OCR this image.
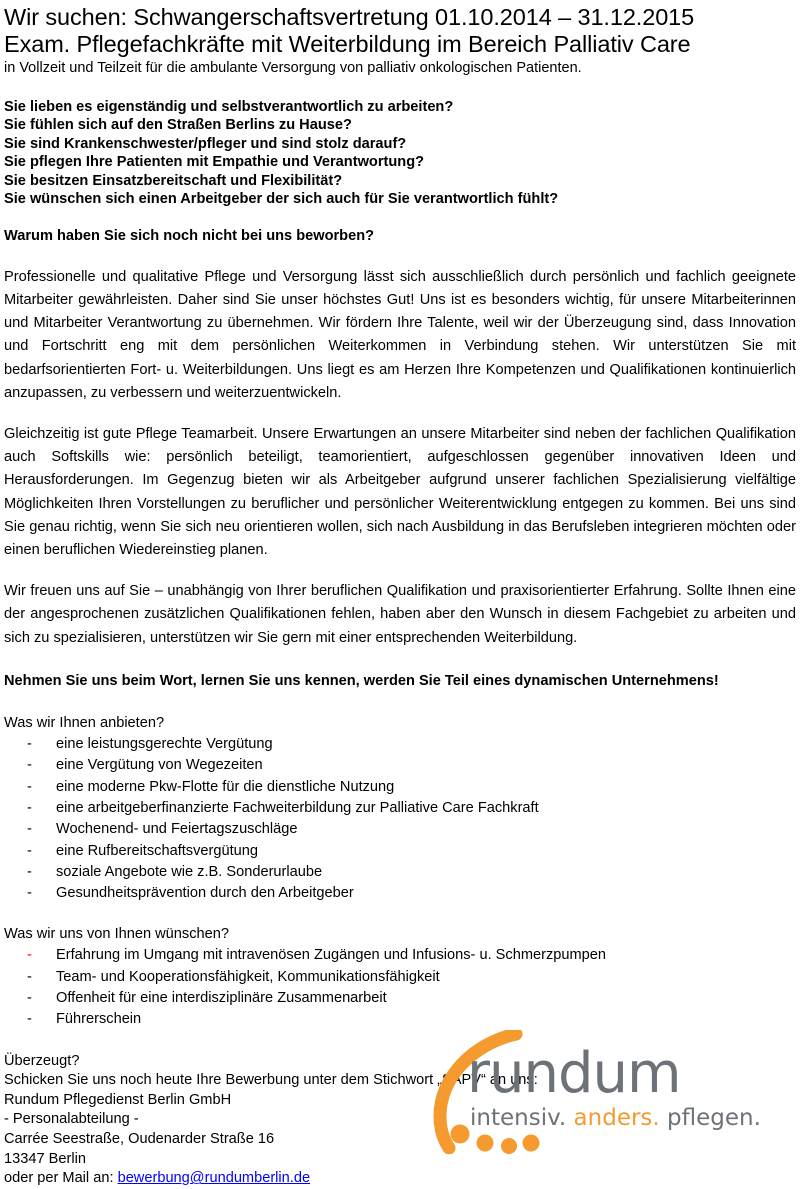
Wir suchen: Schwangerschaftsvertretung 01.10.2014 – 31.12.2015
Exam. Pflegefachkräfte mit Weiterbildung im Bereich Palliativ Care
in Vollzeit und Teilzeit für die ambulante Versorgung von palliativ onkologischen Patienten.
Sie lieben es eigenständig und selbstverantwortlich zu arbeiten?
Sie fühlen sich auf den Straßen Berlins zu Hause?
Sie sind Krankenschwester/pfleger und sind stolz darauf?
Sie pflegen Ihre Patienten mit Empathie und Verantwortung?
Sie besitzen Einsatzbereitschaft und Flexibilität?
Sie wünschen sich einen Arbeitgeber der sich auch für Sie verantwortlich fühlt?
Warum haben Sie sich noch nicht bei uns beworben?
Professionelle und qualitative Pflege und Versorgung lässt sich ausschließlich durch persönlich und fachlich geeignete Mitarbeiter gewährleisten. Daher sind Sie unser höchstes Gut! Uns ist es besonders wichtig, für unsere Mitarbeiterinnen und Mitarbeiter Verantwortung zu übernehmen. Wir fördern Ihre Talente, weil wir der Überzeugung sind, dass Innovation und Fortschritt eng mit dem persönlichen Weiterkommen in Verbindung stehen. Wir unterstützen Sie mit bedarfsorientierten Fort- u. Weiterbildungen. Uns liegt es am Herzen Ihre Kompetenzen und Qualifikationen kontinuierlich anzupassen, zu verbessern und weiterzuentwickeln.
Gleichzeitig ist gute Pflege Teamarbeit. Unsere Erwartungen an unsere Mitarbeiter sind neben der fachlichen Qualifikation auch Softskills wie: persönlich beteiligt, teamorientiert, aufgeschlossen gegenüber innovativen Ideen und Herausforderungen. Im Gegenzug bieten wir als Arbeitgeber aufgrund unserer fachlichen Spezialisierung vielfältige Möglichkeiten Ihren Vorstellungen zu beruflicher und persönlicher Weiterentwicklung entgegen zu kommen. Bei uns sind Sie genau richtig, wenn Sie sich neu orientieren wollen, sich nach Ausbildung in das Berufsleben integrieren möchten oder einen beruflichen Wiedereinstieg planen.
Wir freuen uns auf Sie – unabhängig von Ihrer beruflichen Qualifikation und praxisorientierter Erfahrung. Sollte Ihnen eine der angesprochenen zusätzlichen Qualifikationen fehlen, haben aber den Wunsch in diesem Fachgebiet zu arbeiten und sich zu spezialisieren, unterstützen wir Sie gern mit einer entsprechenden Weiterbildung.
Nehmen Sie uns beim Wort, lernen Sie uns kennen, werden Sie Teil eines dynamischen Unternehmens!
Was wir Ihnen anbieten?
- eine leistungsgerechte Vergütung
- eine Vergütung von Wegezeiten
- eine moderne Pkw-Flotte für die dienstliche Nutzung
- eine arbeitgeberfinanzierte Fachweiterbildung zur Palliative Care Fachkraft
- Wochenend- und Feiertagszuschläge
- eine Rufbereitschaftsvergütung
- soziale Angebote wie z.B. Sonderurlaube
- Gesundheitsprävention durch den Arbeitgeber
Was wir uns von Ihnen wünschen?
- Erfahrung im Umgang mit intravenösen Zugängen und Infusions- u. Schmerzpumpen
- Team- und Kooperationsfähigkeit, Kommunikationsfähigkeit
- Offenheit für eine interdisziplinäre Zusammenarbeit
- Führerschein
Überzeugt?
Schicken Sie uns noch heute Ihre Bewerbung unter dem Stichwort „SAPV“ an uns:
Rundum Pflegedienst Berlin GmbH
- Personalabteilung -
Carrée Seestraße, Oudenarder Straße 16
13347 Berlin
oder per Mail an: bewerbung@rundumberlin.de
rundum
intensiv. anders. pflegen.
